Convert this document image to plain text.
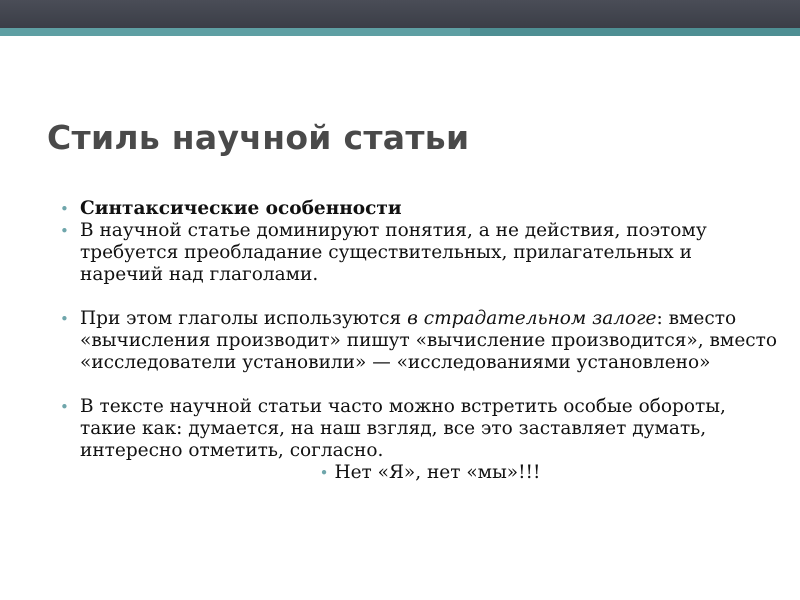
Стиль научной статьи

• Синтаксические особенности

• В научной статье доминируют понятия, а не действия, поэтому требуется преобладание существительных, прилагательных и наречий над глаголами.

• При этом глаголы используются в страдательном залоге: вместо «вычисления производит» пишут «вычисление производится», вместо «исследователи установили» — «исследованиями установлено»

• В тексте научной статьи часто можно встретить особые обороты, такие как: думается, на наш взгляд, все это заставляет думать, интересно отметить, согласно.

• Нет «Я», нет «мы»!!!
